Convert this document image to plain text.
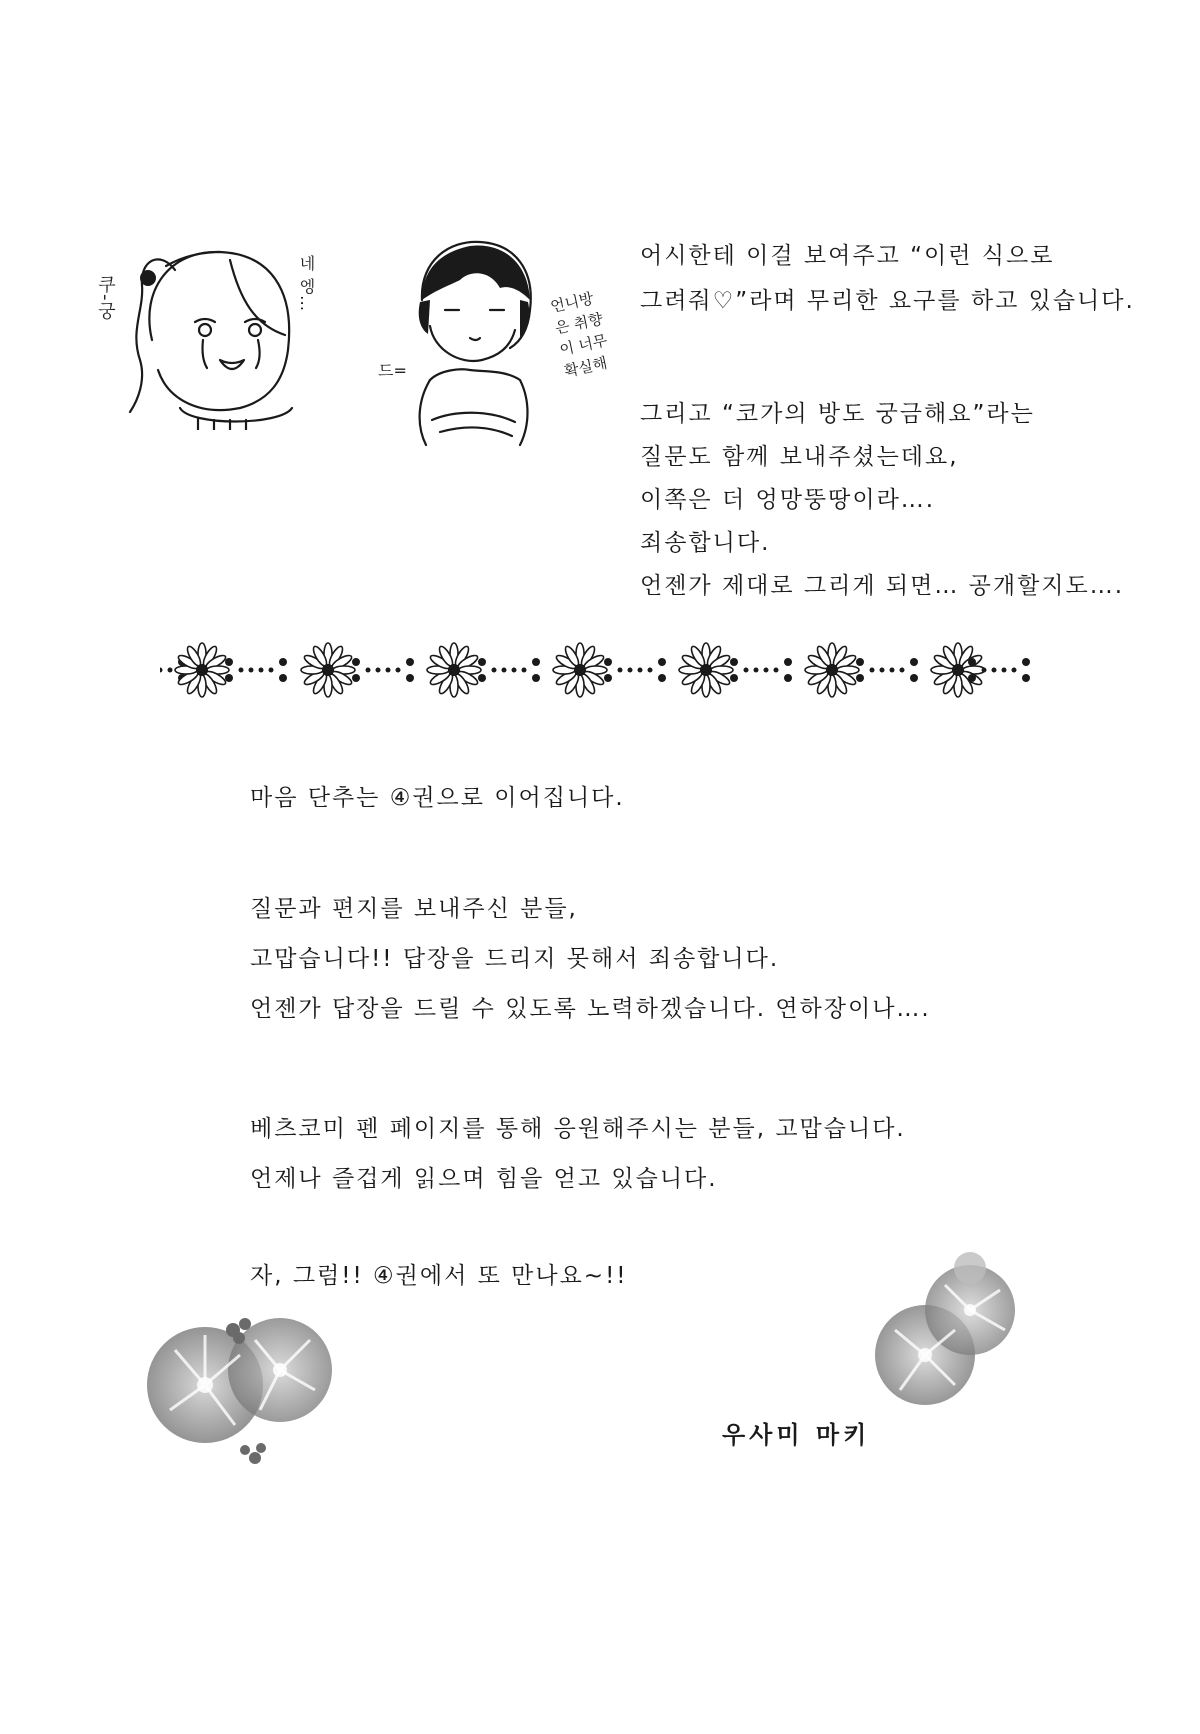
쿠-궁	네 엥…
드=
언니방은 취향이 너무 확실해
어시한테 이걸 보여주고 “이런 식으로
그려줘♡”라며 무리한 요구를 하고 있습니다.
그리고 “코가의 방도 궁금해요”라는
질문도 함께 보내주셨는데요,
이쪽은 더 엉망뚱땅이라….
죄송합니다.
언젠가 제대로 그리게 되면… 공개할지도….
마음 단추는 ④권으로 이어집니다.
질문과 편지를 보내주신 분들,
고맙습니다!! 답장을 드리지 못해서 죄송합니다.
언젠가 답장을 드릴 수 있도록 노력하겠습니다. 연하장이나….
베츠코미 펜 페이지를 통해 응원해주시는 분들, 고맙습니다.
언제나 즐겁게 읽으며 힘을 얻고 있습니다.
자, 그럼!! ④권에서 또 만나요~!!
우사미 마키
